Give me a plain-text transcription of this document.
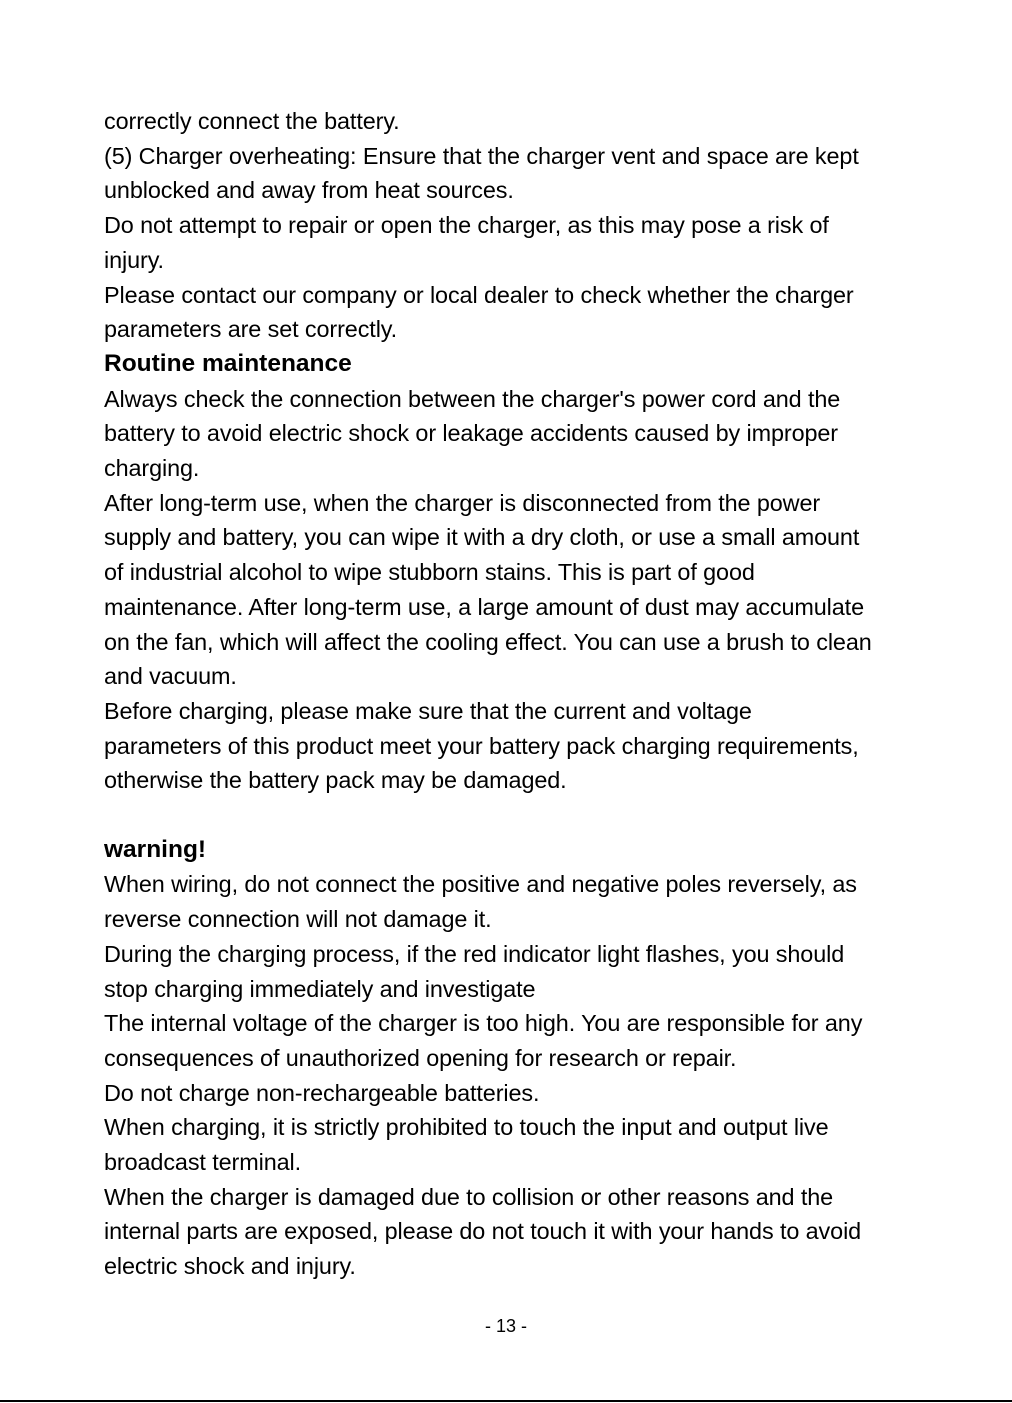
correctly connect the battery.

(5) Charger overheating: Ensure that the charger vent and space are kept
unblocked and away from heat sources.

Do not attempt to repair or open the charger, as this may pose a risk of
injury.

Please contact our company or local dealer to check whether the charger
parameters are set correctly.

Routine maintenance

Always check the connection between the charger's power cord and the
battery to avoid electric shock or leakage accidents caused by improper
charging.

After long-term use, when the charger is disconnected from the power
supply and battery, you can wipe it with a dry cloth, or use a small amount
of industrial alcohol to wipe stubborn stains. This is part of good
maintenance. After long-term use, a large amount of dust may accumulate
on the fan, which will affect the cooling effect. You can use a brush to clean
and vacuum.

Before charging, please make sure that the current and voltage
parameters of this product meet your battery pack charging requirements,
otherwise the battery pack may be damaged.

warning!

When wiring, do not connect the positive and negative poles reversely, as
reverse connection will not damage it.

During the charging process, if the red indicator light flashes, you should
stop charging immediately and investigate

The internal voltage of the charger is too high. You are responsible for any
consequences of unauthorized opening for research or repair.

Do not charge non-rechargeable batteries.

When charging, it is strictly prohibited to touch the input and output live
broadcast terminal.

When the charger is damaged due to collision or other reasons and the
internal parts are exposed, please do not touch it with your hands to avoid
electric shock and injury.

- 13 -
